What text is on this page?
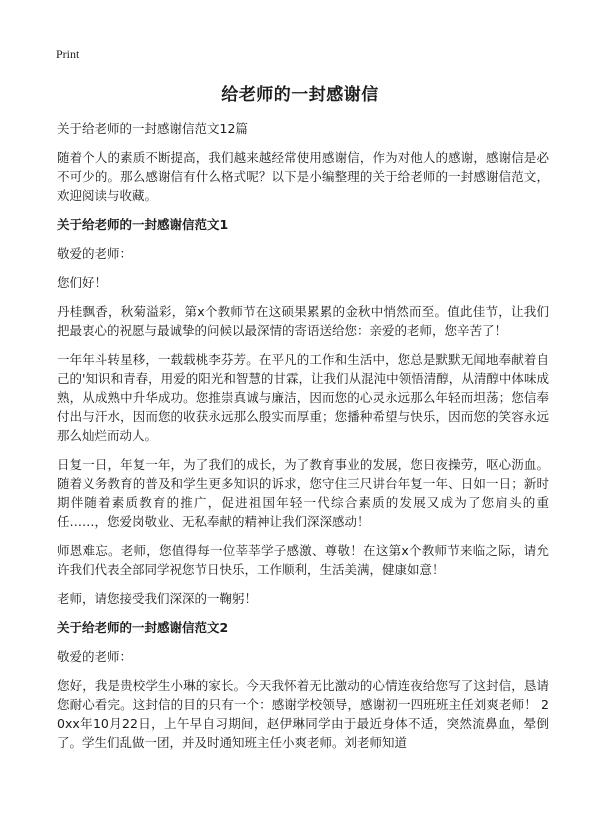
Print
给老师的一封感谢信

关于给老师的一封感谢信范文12篇

随着个人的素质不断提高，我们越来越经常使用感谢信，作为对他人的感谢，感谢信是必不可少的。那么感谢信有什么格式呢？以下是小编整理的关于给老师的一封感谢信范文，欢迎阅读与收藏。

关于给老师的一封感谢信范文1

敬爱的老师：

您们好！

丹桂飘香，秋菊溢彩，第x个教师节在这硕果累累的金秋中悄然而至。值此佳节，让我们把最衷心的祝愿与最诚挚的问候以最深情的寄语送给您：亲爱的老师，您辛苦了！

一年年斗转星移，一载载桃李芬芳。在平凡的工作和生活中，您总是默默无闻地奉献着自己的'知识和青春，用爱的阳光和智慧的甘霖，让我们从混沌中领悟清醇，从清醇中体味成熟，从成熟中升华成功。您推崇真诚与廉洁，因而您的心灵永远那么年轻而坦荡；您信奉付出与汗水，因而您的收获永远那么殷实而厚重；您播种希望与快乐，因而您的笑容永远那么灿烂而动人。

日复一日，年复一年，为了我们的成长，为了教育事业的发展，您日夜操劳，呕心沥血。随着义务教育的普及和学生更多知识的诉求，您守住三尺讲台年复一年、日如一日；新时期伴随着素质教育的推广，促进祖国年轻一代综合素质的发展又成为了您肩头的重任……，您爱岗敬业、无私奉献的精神让我们深深感动！

师恩难忘。老师，您值得每一位莘莘学子感激、尊敬！在这第x个教师节来临之际，请允许我们代表全部同学祝您节日快乐，工作顺利，生活美满，健康如意！

老师，请您接受我们深深的一鞠躬！

关于给老师的一封感谢信范文2

敬爱的老师：

您好，我是贵校学生小琳的家长。今天我怀着无比激动的心情连夜给您写了这封信，恳请您耐心看完。这封信的目的只有一个：感谢学校领导，感谢初一四班班主任刘爽老师！ 20xx年10月22日，上午早自习期间，赵伊琳同学由于最近身体不适，突然流鼻血，晕倒了。学生们乱做一团，并及时通知班主任小爽老师。刘老师知道
